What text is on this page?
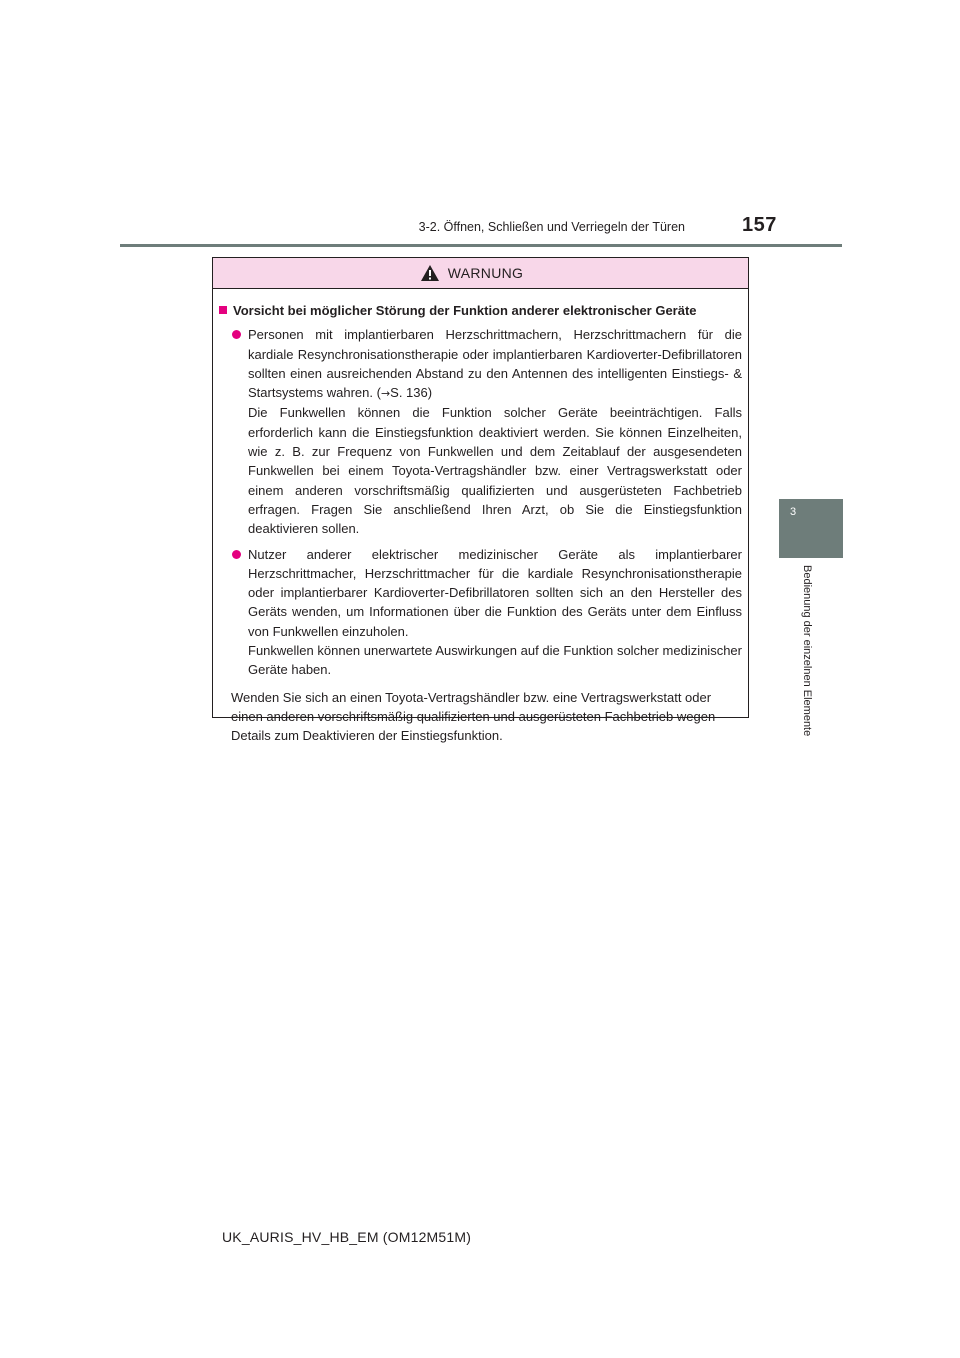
3-2. Öffnen, Schließen und Verriegeln der Türen	157
3
Bedienung der einzelnen Elemente
WARNUNG
Vorsicht bei möglicher Störung der Funktion anderer elektronischer Geräte

Personen mit implantierbaren Herzschrittmachern, Herzschrittmachern für die kardiale Resynchronisationstherapie oder implantierbaren Kardioverter-Defibrillatoren sollten einen ausreichenden Abstand zu den Antennen des intelligenten Einstiegs- & Startsystems wahren. (→S. 136)

Die Funkwellen können die Funktion solcher Geräte beeinträchtigen. Falls erforderlich kann die Einstiegsfunktion deaktiviert werden. Sie können Einzelheiten, wie z. B. zur Frequenz von Funkwellen und dem Zeitablauf der ausgesendeten Funkwellen bei einem Toyota-Vertragshändler bzw. einer Vertragswerkstatt oder einem anderen vorschriftsmäßig qualifizierten und ausgerüsteten Fachbetrieb erfragen. Fragen Sie anschließend Ihren Arzt, ob Sie die Einstiegsfunktion deaktivieren sollen.

Nutzer anderer elektrischer medizinischer Geräte als implantierbarer Herzschrittmacher, Herzschrittmacher für die kardiale Resynchronisationstherapie oder implantierbarer Kardioverter-Defibrillatoren sollten sich an den Hersteller des Geräts wenden, um Informationen über die Funktion des Geräts unter dem Einfluss von Funkwellen einzuholen.

Funkwellen können unerwartete Auswirkungen auf die Funktion solcher medizinischer Geräte haben.

Wenden Sie sich an einen Toyota-Vertragshändler bzw. eine Vertragswerkstatt oder einen anderen vorschriftsmäßig qualifizierten und ausgerüsteten Fachbetrieb wegen Details zum Deaktivieren der Einstiegsfunktion.
UK_AURIS_HV_HB_EM (OM12M51M)
